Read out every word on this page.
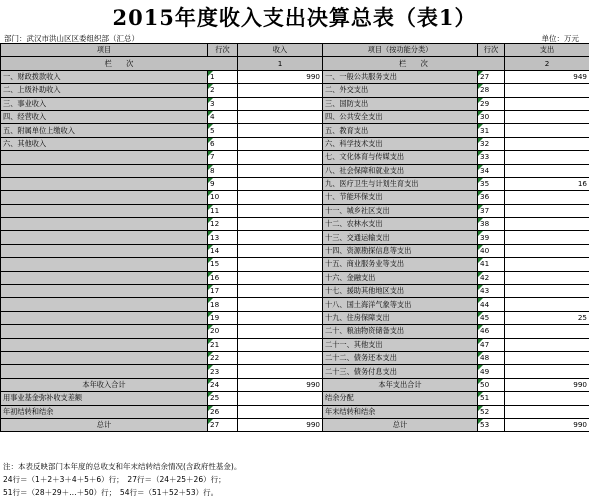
2015年度收入支出决算总表（表1）
部门：武汉市洪山区区委组织部（汇总）	单位：万元
项目	行次	收入	项目（按功能分类）	行次	支出
栏　　次		1	栏　　次		2
一、财政拨款收入	1	990	一、一般公共服务支出	27	949
二、上级补助收入	2		二、外交支出	28	
三、事业收入	3		三、国防支出	29	
四、经营收入	4		四、公共安全支出	30	
五、附属单位上缴收入	5		五、教育支出	31	
六、其他收入	6		六、科学技术支出	32	
	7		七、文化体育与传媒支出	33	
	8		八、社会保障和就业支出	34	
	9		九、医疗卫生与计划生育支出	35	16
	10		十、节能环保支出	36	
	11		十一、城乡社区支出	37	
	12		十二、农林水支出	38	
	13		十三、交通运输支出	39	
	14		十四、资源勘探信息等支出	40	
	15		十五、商业服务业等支出	41	
	16		十六、金融支出	42	
	17		十七、援助其他地区支出	43	
	18		十八、国土海洋气象等支出	44	
	19		十九、住房保障支出	45	25
	20		二十、粮油物资储备支出	46	
	21		二十一、其他支出	47	
	22		二十二、债务还本支出	48	
	23		二十三、债务付息支出	49	
本年收入合计	24	990	本年支出合计	50	990
用事业基金弥补收支差额	25		结余分配	51	
年初结转和结余	26		年末结转和结余	52	
总计	27	990	总计	53	990
注：本表反映部门本年度的总收支和年末结转结余情况(含政府性基金)。
24行＝（1＋2＋3＋4＋5＋6）行；　27行＝（24＋25＋26）行；
51行＝（28＋29＋…＋50）行；　54行＝（51＋52＋53）行。
